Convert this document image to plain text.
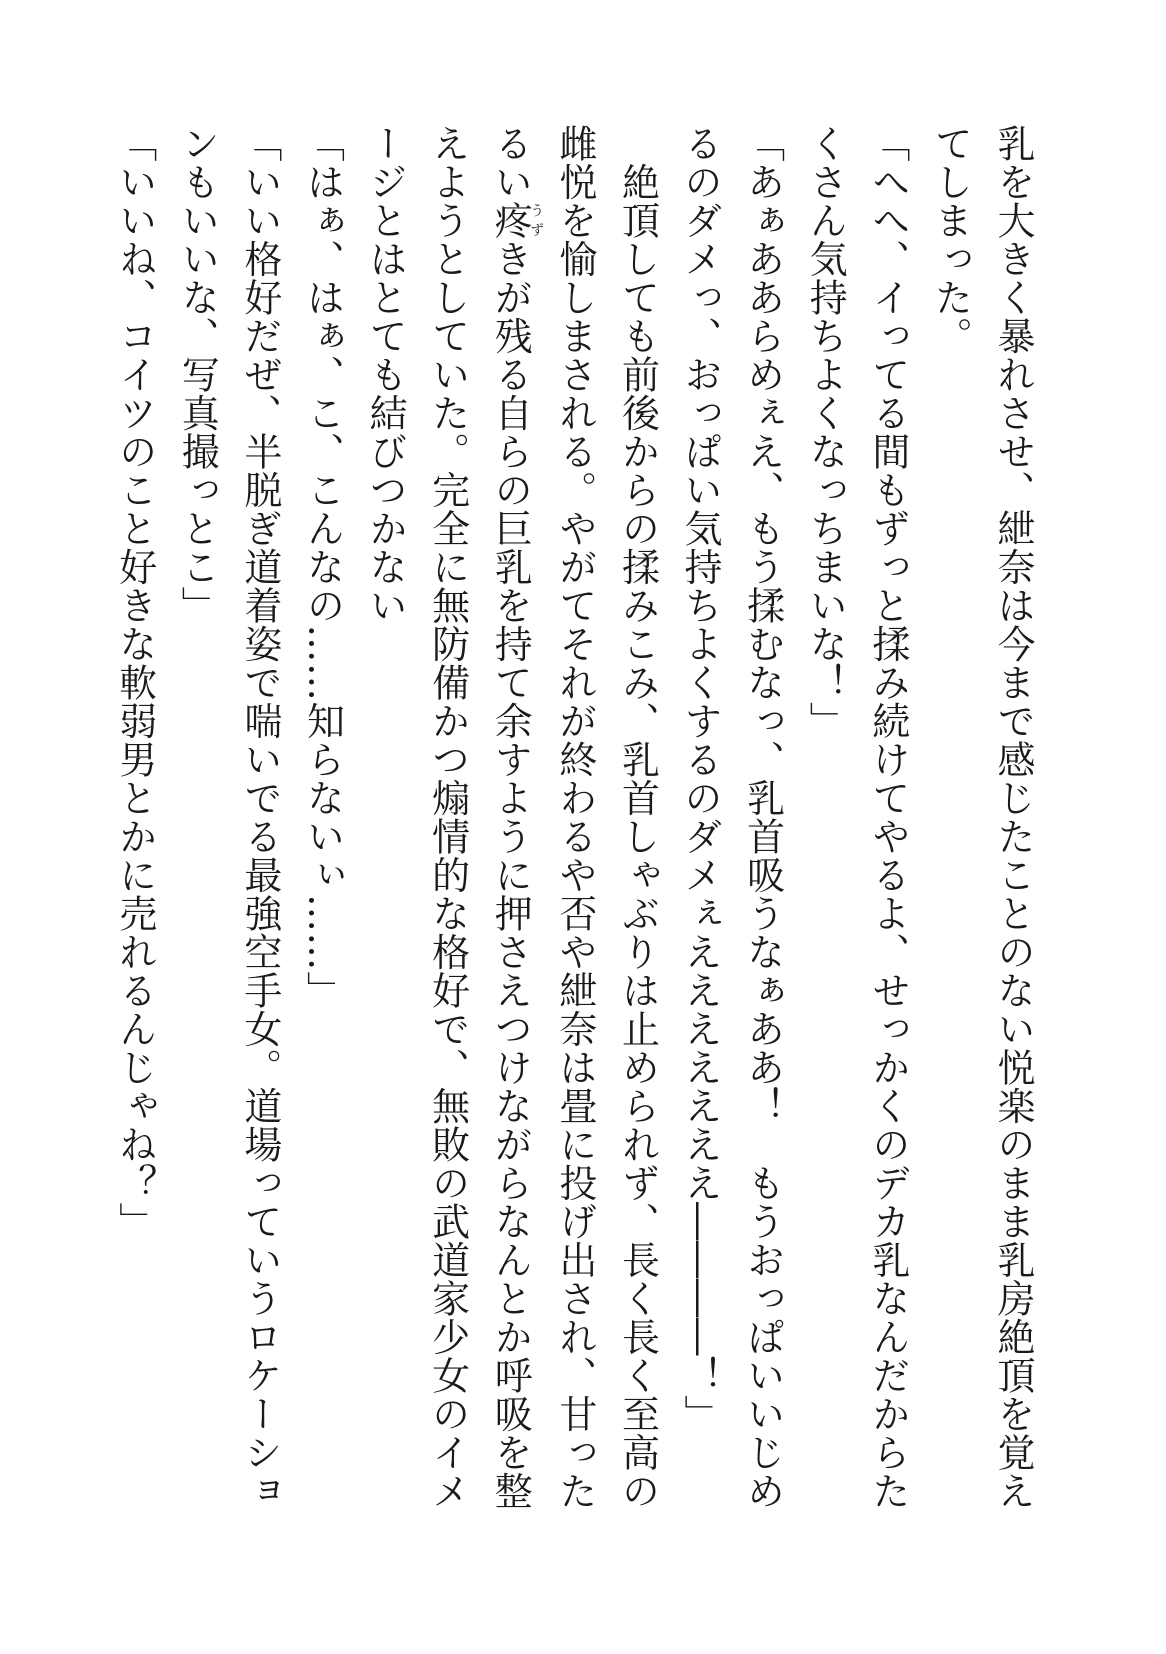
乳を大きく暴れさせ、紲奈は今まで感じたことのない悦楽のまま乳房絶頂を覚え
てしまった。
「へへ、イってる間もずっと揉み続けてやるよ、せっかくのデカ乳なんだからた
くさん気持ちよくなっちまいな！」
「あぁああらめぇえ、もう揉むなっ、乳首吸うなぁああ！　もうおっぱいいじめ
るのダメっ、おっぱい気持ちよくするのダメぇえええええええ――――！」
　絶頂しても前後からの揉みこみ、乳首しゃぶりは止められず、長く長く至高の
雌悦を愉しまされる。やがてそれが終わるや否や紲奈は畳に投げ出され、甘った
るい疼うずきが残る自らの巨乳を持て余すように押さえつけながらなんとか呼吸を整
えようとしていた。完全に無防備かつ煽情的な格好で、無敗の武道家少女のイメ
ージとはとても結びつかない
「はぁ、はぁ、こ、こんなの……知らないぃ……」
「いい格好だぜ、半脱ぎ道着姿で喘いでる最強空手女。道場っていうロケーショ
ンもいいな、写真撮っとこ」
「いいね、コイツのこと好きな軟弱男とかに売れるんじゃね？」
